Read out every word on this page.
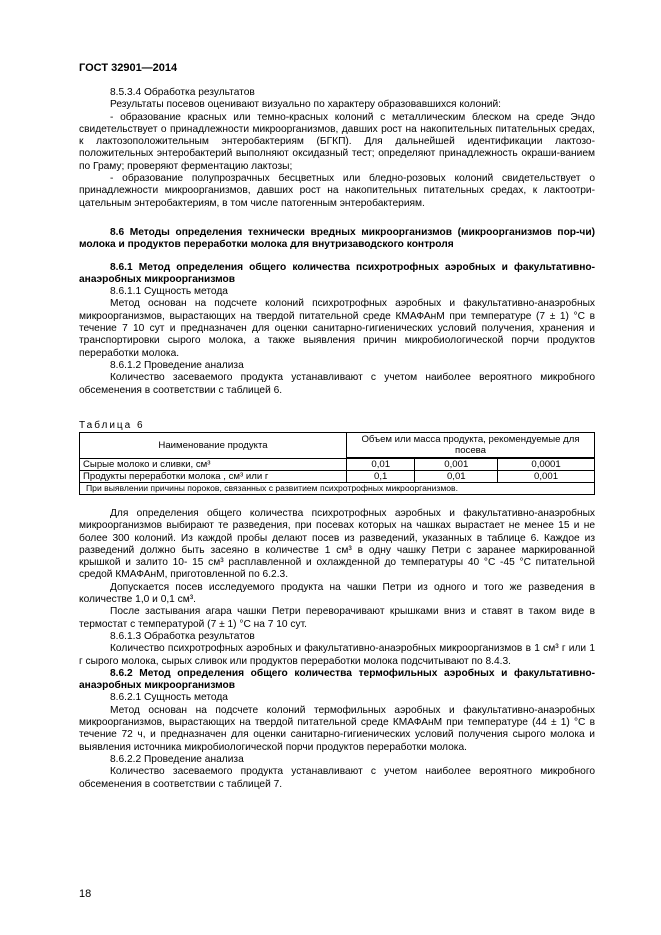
ГОСТ 32901—2014

8.5.3.4 Обработка результатов

Результаты посевов оценивают визуально по характеру образовавшихся колоний:

- образование красных или темно-красных колоний с металлическим блеском на среде Эндо свидетельствует о принадлежности микроорганизмов, давших рост на накопительных питательных средах, к лактозоположительным энтеробактериям (БГКП). Для дальнейшей идентификации лактозо-положительных энтеробактерий выполняют оксидазный тест; определяют принадлежность окраши-ванием по Граму; проверяют ферментацию лактозы;

- образование полупрозрачных бесцветных или бледно-розовых колоний свидетельствует о принадлежности микроорганизмов, давших рост на накопительных питательных средах, к лактоотри-цательным энтеробактериям, в том числе патогенным энтеробактериям.

8.6 Методы определения технически вредных микроорганизмов (микроорганизмов пор-чи) молока и продуктов переработки молока для внутризаводского контроля

8.6.1 Метод определения общего количества психротрофных аэробных и факультативно-анаэробных микроорганизмов

8.6.1.1 Сущность метода

Метод основан на подсчете колоний психротрофных аэробных и факультативно-анаэробных микроорганизмов, вырастающих на твердой питательной среде КМАФАнМ при температуре (7 ± 1) °С в течение 7 10 сут и предназначен для оценки санитарно-гигиенических условий получения, хранения и транспортировки сырого молока, а также выявления причин микробиологической порчи продуктов переработки молока.

8.6.1.2 Проведение анализа

Количество засеваемого продукта устанавливают с учетом наиболее вероятного микробного обсеменения в соответствии с таблицей 6.

Таблица 6
Наименование продукта	Объем или масса продукта, рекомендуемые для посева		

Сырые молоко и сливки, см³	0,01	0,001	0,0001
Продукты переработки молока , см³ или г	0,1	0,01	0,001
При выявлении причины пороков, связанных с развитием психротрофных микроорганизмов.			

Для определения общего количества психротрофных аэробных и факультативно-анаэробных микроорганизмов выбирают те разведения, при посевах которых на чашках вырастает не менее 15 и не более 300 колоний. Из каждой пробы делают посев из разведений, указанных в таблице 6. Каждое из разведений должно быть засеяно в количестве 1 см³ в одну чашку Петри с заранее маркированной крышкой и залито 10- 15 см³ расплавленной и охлажденной до температуры 40 °С -45 °С питательной средой КМАФАнМ, приготовленной по 6.2.3.

Допускается посев исследуемого продукта на чашки Петри из одного и того же разведения в количестве 1,0 и 0,1 см³.

После застывания агара чашки Петри переворачивают крышками вниз и ставят в таком виде в термостат с температурой (7 ± 1) °С на 7 10 сут.

8.6.1.3 Обработка результатов

Количество психротрофных аэробных и факультативно-анаэробных микроорганизмов в 1 см³ г или 1 г сырого молока, сырых сливок или продуктов переработки молока подсчитывают по 8.4.3.

8.6.2 Метод определения общего количества термофильных аэробных и факультативно-анаэробных микроорганизмов

8.6.2.1 Сущность метода

Метод основан на подсчете колоний термофильных аэробных и факультативно-анаэробных микроорганизмов, вырастающих на твердой питательной среде КМАФАнМ при температуре (44 ± 1) °С в течение 72 ч, и предназначен для оценки санитарно-гигиенических условий получения сырого молока и выявления источника микробиологической порчи продуктов переработки молока.

8.6.2.2 Проведение анализа

Количество засеваемого продукта устанавливают с учетом наиболее вероятного микробного обсеменения в соответствии с таблицей 7.

18
